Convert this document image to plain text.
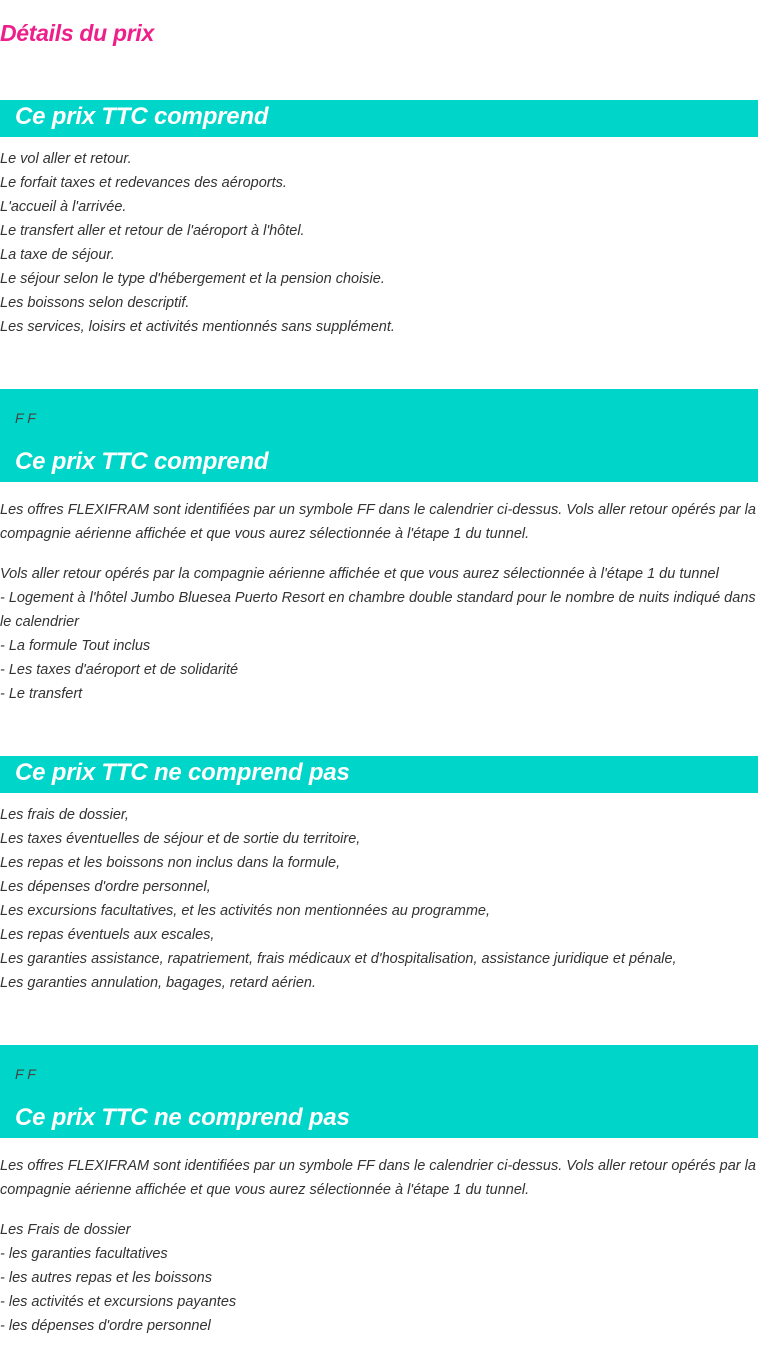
Détails du prix
Ce prix TTC comprend
Le vol aller et retour.
Le forfait taxes et redevances des aéroports.
L'accueil à l'arrivée.
Le transfert aller et retour de l'aéroport à l'hôtel.
La taxe de séjour.
Le séjour selon le type d'hébergement et la pension choisie.
Les boissons selon descriptif.
Les services, loisirs et activités mentionnés sans supplément.
F F
Ce prix TTC comprend
Les offres FLEXIFRAM sont identifiées par un symbole FF dans le calendrier ci-dessus. Vols aller retour opérés par la compagnie aérienne affichée et que vous aurez sélectionnée à l'étape 1 du tunnel.
Vols aller retour opérés par la compagnie aérienne affichée et que vous aurez sélectionnée à l'étape 1 du tunnel
- Logement à l'hôtel Jumbo Bluesea Puerto Resort en chambre double standard pour le nombre de nuits indiqué dans le calendrier
- La formule Tout inclus
- Les taxes d'aéroport et de solidarité
- Le transfert
Ce prix TTC ne comprend pas
Les frais de dossier,
Les taxes éventuelles de séjour et de sortie du territoire,
Les repas et les boissons non inclus dans la formule,
Les dépenses d'ordre personnel,
Les excursions facultatives, et les activités non mentionnées au programme,
Les repas éventuels aux escales,
Les garanties assistance, rapatriement, frais médicaux et d'hospitalisation, assistance juridique et pénale,
Les garanties annulation, bagages, retard aérien.
F F
Ce prix TTC ne comprend pas
Les offres FLEXIFRAM sont identifiées par un symbole FF dans le calendrier ci-dessus. Vols aller retour opérés par la compagnie aérienne affichée et que vous aurez sélectionnée à l'étape 1 du tunnel.
Les Frais de dossier
- les garanties facultatives
- les autres repas et les boissons
- les activités et excursions payantes
- les dépenses d'ordre personnel
